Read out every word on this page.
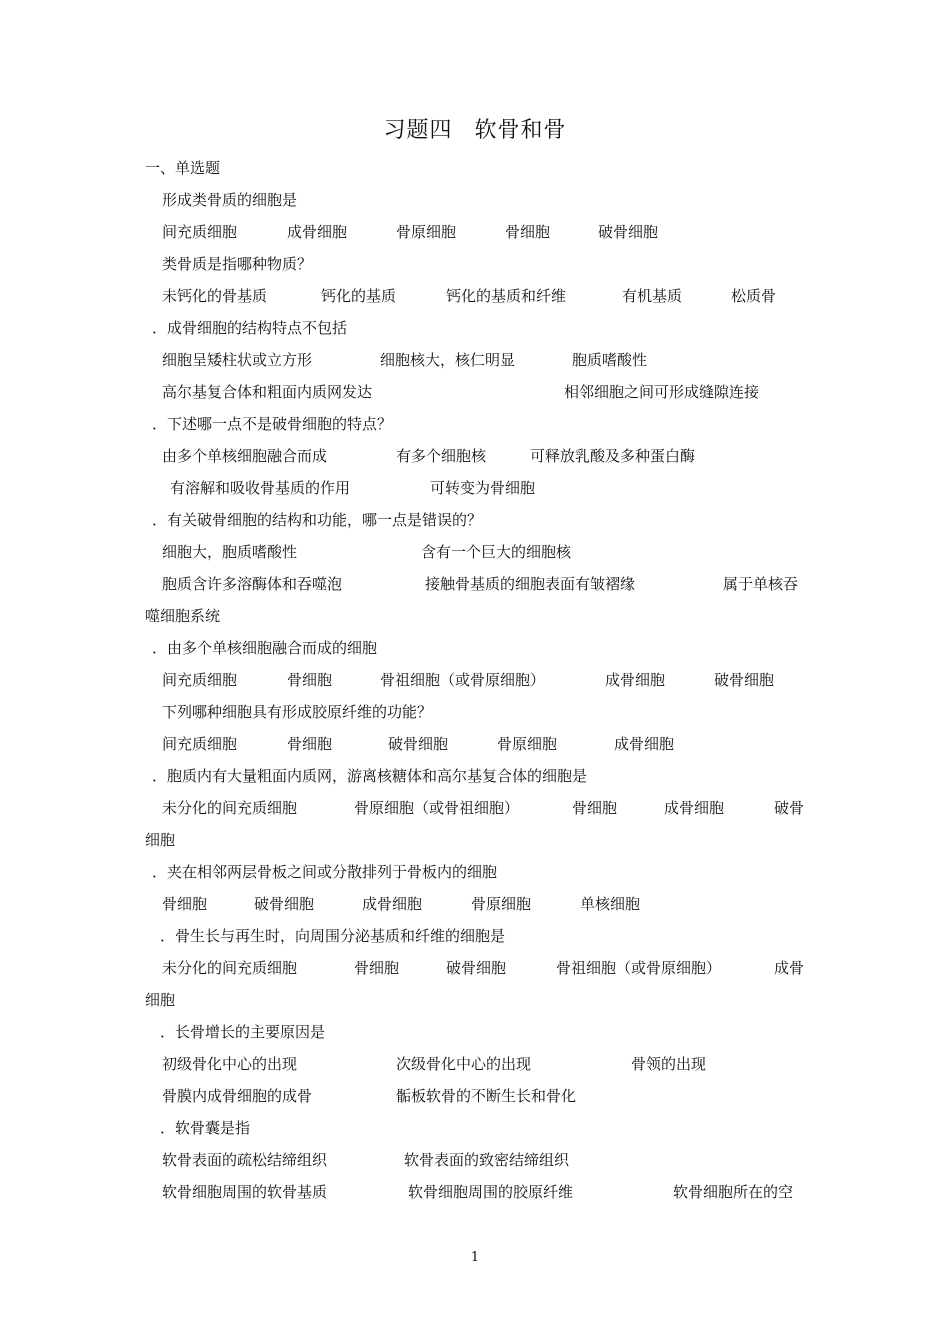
习题四 软骨和骨
一、单选题
形成类骨质的细胞是
间充质细胞	成骨细胞	骨原细胞	骨细胞	破骨细胞
类骨质是指哪种物质？
未钙化的骨基质	钙化的基质	钙化的基质和纤维	有机基质	松质骨
．成骨细胞的结构特点不包括
细胞呈矮柱状或立方形	细胞核大，核仁明显	胞质嗜酸性
高尔基复合体和粗面内质网发达	相邻细胞之间可形成缝隙连接
．下述哪一点不是破骨细胞的特点？
由多个单核细胞融合而成	有多个细胞核	可释放乳酸及多种蛋白酶
有溶解和吸收骨基质的作用	可转变为骨细胞
．有关破骨细胞的结构和功能，哪一点是错误的？
细胞大，胞质嗜酸性	含有一个巨大的细胞核
胞质含许多溶酶体和吞噬泡	接触骨基质的细胞表面有皱褶缘	属于单核吞
噬细胞系统
．由多个单核细胞融合而成的细胞
间充质细胞	骨细胞	骨祖细胞（或骨原细胞）	成骨细胞	破骨细胞
下列哪种细胞具有形成胶原纤维的功能？
间充质细胞	骨细胞	破骨细胞	骨原细胞	成骨细胞
．胞质内有大量粗面内质网，游离核糖体和高尔基复合体的细胞是
未分化的间充质细胞	骨原细胞（或骨祖细胞）	骨细胞	成骨细胞	破骨
细胞
．夹在相邻两层骨板之间或分散排列于骨板内的细胞
骨细胞	破骨细胞	成骨细胞	骨原细胞	单核细胞
．骨生长与再生时，向周围分泌基质和纤维的细胞是
未分化的间充质细胞	骨细胞	破骨细胞	骨祖细胞（或骨原细胞）	成骨
细胞
．长骨增长的主要原因是
初级骨化中心的出现	次级骨化中心的出现	骨领的出现
骨膜内成骨细胞的成骨	骺板软骨的不断生长和骨化
．软骨囊是指
软骨表面的疏松结缔组织	软骨表面的致密结缔组织
软骨细胞周围的软骨基质	软骨细胞周围的胶原纤维	软骨细胞所在的空
1
